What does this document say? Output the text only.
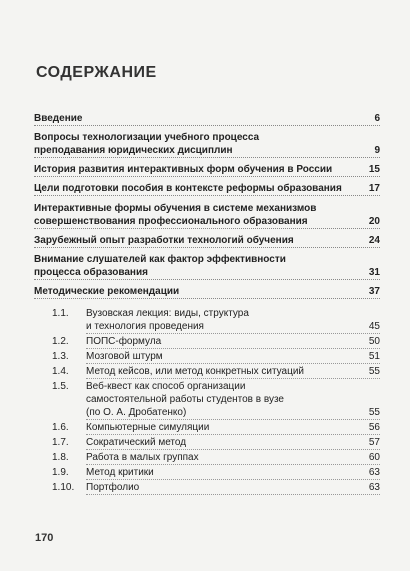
СОДЕРЖАНИЕ
Введение	6
Вопросы технологизации учебного процесса
преподавания юридических дисциплин	9
История развития интерактивных форм обучения в России	15
Цели подготовки пособия в контексте реформы образования	17
Интерактивные формы обучения в системе механизмов
совершенствования профессионального образования	20
Зарубежный опыт разработки технологий обучения	24
Внимание слушателей как фактор эффективности
процесса образования	31
Методические рекомендации	37
1.1. Вузовская лекция: виды, структура
и технология проведения	45
1.2. ПОПС-формула	50
1.3. Мозговой штурм	51
1.4. Метод кейсов, или метод конкретных ситуаций	55
1.5. Веб-квест как способ организации
самостоятельной работы студентов в вузе
(по О. А. Дробатенко)	55
1.6. Компьютерные симуляции	56
1.7. Сократический метод	57
1.8. Работа в малых группах	60
1.9. Метод критики	63
1.10. Портфолио	63
170
